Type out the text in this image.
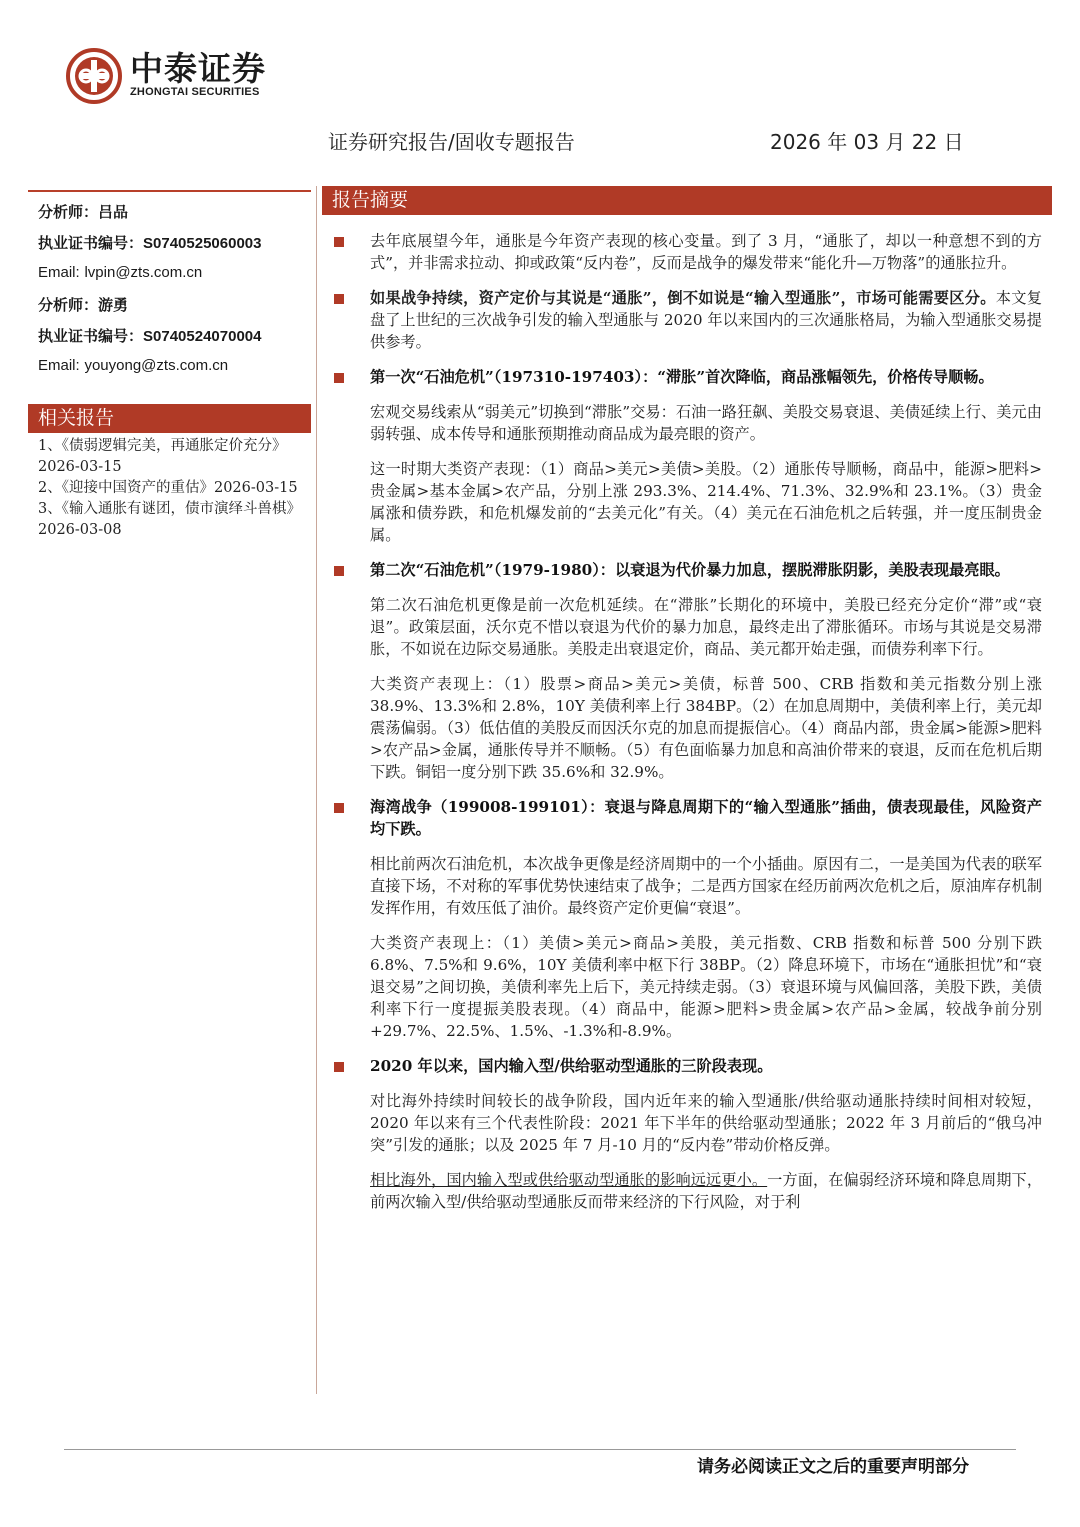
中泰证券
ZHONGTAI SECURITIES
证券研究报告/固收专题报告	2026 年 03 月 22 日
分析师：吕品
执业证书编号：S0740525060003
Email: lvpin@zts.com.cn
分析师：游勇
执业证书编号：S0740524070004
Email: youyong@zts.com.cn
相关报告
1、《债弱逻辑完美，再通胀定价充分》2026-03-15
2、《迎接中国资产的重估》2026-03-15
3、《输入通胀有谜团，债市演绎斗兽棋》2026-03-08
报告摘要
去年底展望今年，通胀是今年资产表现的核心变量。到了 3 月，“通胀了，却以一种意想不到的方式”，并非需求拉动、抑或政策“反内卷”，反而是战争的爆发带来“能化升—万物落”的通胀拉升。
如果战争持续，资产定价与其说是“通胀”，倒不如说是“输入型通胀”，市场可能需要区分。本文复盘了上世纪的三次战争引发的输入型通胀与 2020 年以来国内的三次通胀格局，为输入型通胀交易提供参考。
第一次“石油危机”（197310-197403）：“滞胀”首次降临，商品涨幅领先，价格传导顺畅。
宏观交易线索从“弱美元”切换到“滞胀”交易：石油一路狂飙、美股交易衰退、美债延续上行、美元由弱转强、成本传导和通胀预期推动商品成为最亮眼的资产。
这一时期大类资产表现：（1）商品>美元>美债>美股。（2）通胀传导顺畅，商品中，能源>肥料>贵金属>基本金属>农产品，分别上涨 293.3%、214.4%、71.3%、32.9%和 23.1%。（3）贵金属涨和债券跌，和危机爆发前的“去美元化”有关。（4）美元在石油危机之后转强，并一度压制贵金属。
第二次“石油危机”（1979-1980）：以衰退为代价暴力加息，摆脱滞胀阴影，美股表现最亮眼。
第二次石油危机更像是前一次危机延续。在“滞胀”长期化的环境中，美股已经充分定价“滞”或“衰退”。政策层面，沃尔克不惜以衰退为代价的暴力加息，最终走出了滞胀循环。市场与其说是交易滞胀，不如说在边际交易通胀。美股走出衰退定价，商品、美元都开始走强，而债券利率下行。
大类资产表现上：（1）股票>商品>美元>美债，标普 500、CRB 指数和美元指数分别上涨 38.9%、13.3%和 2.8%，10Y 美债利率上行 384BP。（2）在加息周期中，美债利率上行，美元却震荡偏弱。（3）低估值的美股反而因沃尔克的加息而提振信心。（4）商品内部，贵金属>能源>肥料>农产品>金属，通胀传导并不顺畅。（5）有色面临暴力加息和高油价带来的衰退，反而在危机后期下跌。铜铝一度分别下跌 35.6%和 32.9%。
海湾战争（199008-199101）：衰退与降息周期下的“输入型通胀”插曲，债表现最佳，风险资产均下跌。
相比前两次石油危机，本次战争更像是经济周期中的一个小插曲。原因有二，一是美国为代表的联军直接下场，不对称的军事优势快速结束了战争；二是西方国家在经历前两次危机之后，原油库存机制发挥作用，有效压低了油价。最终资产定价更偏“衰退”。
大类资产表现上：（1）美债>美元>商品>美股，美元指数、CRB 指数和标普 500 分别下跌 6.8%、7.5%和 9.6%，10Y 美债利率中枢下行 38BP。（2）降息环境下，市场在“通胀担忧”和“衰退交易”之间切换，美债利率先上后下，美元持续走弱。（3）衰退环境与风偏回落，美股下跌，美债利率下行一度提振美股表现。（4）商品中，能源>肥料>贵金属>农产品>金属，较战争前分别+29.7%、22.5%、1.5%、-1.3%和-8.9%。
2020 年以来，国内输入型/供给驱动型通胀的三阶段表现。
对比海外持续时间较长的战争阶段，国内近年来的输入型通胀/供给驱动通胀持续时间相对较短，2020 年以来有三个代表性阶段：2021 年下半年的供给驱动型通胀；2022 年 3 月前后的“俄乌冲突”引发的通胀；以及 2025 年 7 月-10 月的“反内卷”带动价格反弹。
相比海外，国内输入型或供给驱动型通胀的影响远远更小。一方面，在偏弱经济环境和降息周期下，前两次输入型/供给驱动型通胀反而带来经济的下行风险，对于利
请务必阅读正文之后的重要声明部分
